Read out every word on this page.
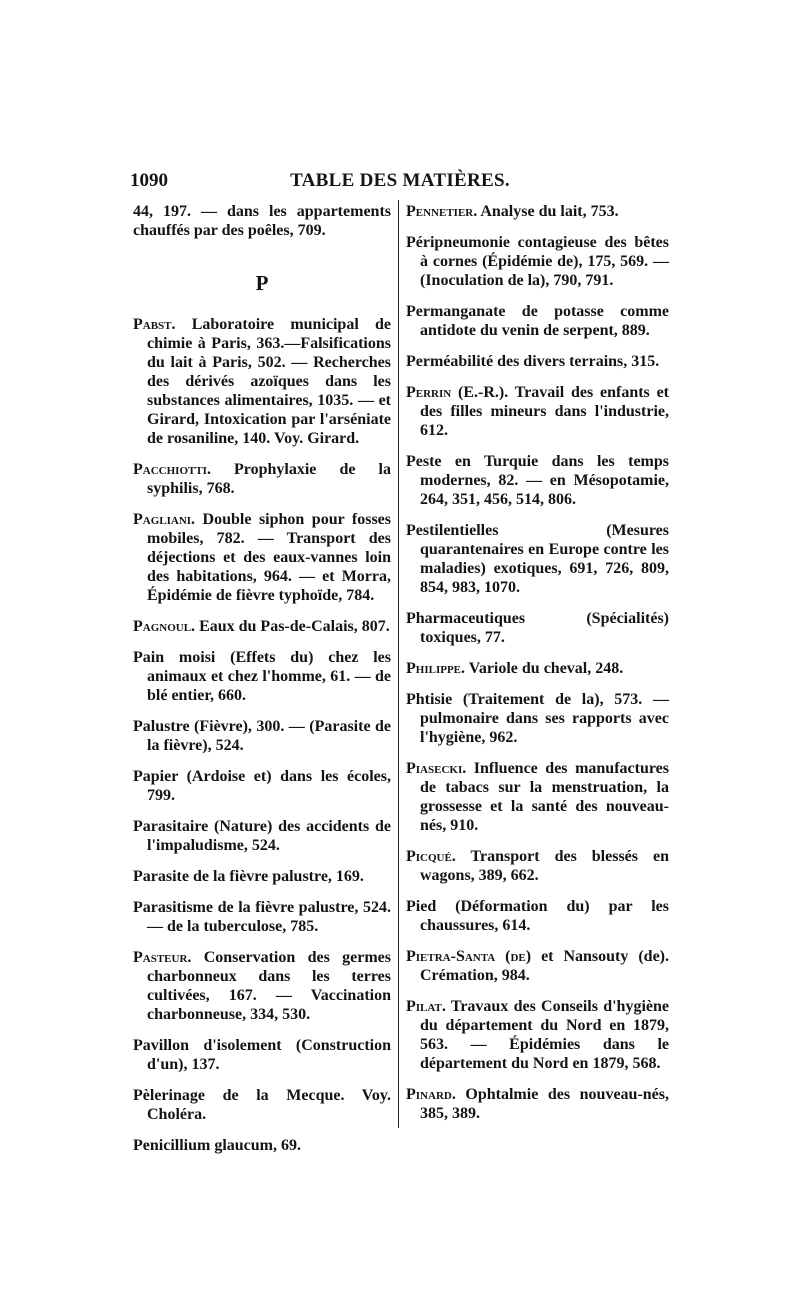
1090	TABLE DES MATIÈRES.
44, 197. — dans les appartements chauffés par des poêles, 709.
P
Pabst. Laboratoire municipal de chimie à Paris, 363.—Falsifications du lait à Paris, 502. — Recherches des dérivés azoïques dans les substances alimentaires, 1035. — et Girard, Intoxication par l'arséniate de rosaniline, 140. Voy. Girard.
Pacchiotti. Prophylaxie de la syphilis, 768.
Pagliani. Double siphon pour fosses mobiles, 782. — Transport des déjections et des eaux-vannes loin des habitations, 964. — et Morra, Épidémie de fièvre typhoïde, 784.
Pagnoul. Eaux du Pas-de-Calais, 807.
Pain moisi (Effets du) chez les animaux et chez l'homme, 61. — de blé entier, 660.
Palustre (Fièvre), 300. — (Parasite de la fièvre), 524.
Papier (Ardoise et) dans les écoles, 799.
Parasitaire (Nature) des accidents de l'impaludisme, 524.
Parasite de la fièvre palustre, 169.
Parasitisme de la fièvre palustre, 524. — de la tuberculose, 785.
Pasteur. Conservation des germes charbonneux dans les terres cultivées, 167. — Vaccination charbonneuse, 334, 530.
Pavillon d'isolement (Construction d'un), 137.
Pèlerinage de la Mecque. Voy. Choléra.
Penicillium glaucum, 69.
Pennetier. Analyse du lait, 753.
Péripneumonie contagieuse des bêtes à cornes (Épidémie de), 175, 569. — (Inoculation de la), 790, 791.
Permanganate de potasse comme antidote du venin de serpent, 889.
Perméabilité des divers terrains, 315.
Perrin (E.-R.). Travail des enfants et des filles mineurs dans l'industrie, 612.
Peste en Turquie dans les temps modernes, 82. — en Mésopotamie, 264, 351, 456, 514, 806.
Pestilentielles (Mesures quarantenaires en Europe contre les maladies) exotiques, 691, 726, 809, 854, 983, 1070.
Pharmaceutiques (Spécialités) toxiques, 77.
Philippe. Variole du cheval, 248.
Phtisie (Traitement de la), 573. — pulmonaire dans ses rapports avec l'hygiène, 962.
Piasecki. Influence des manufactures de tabacs sur la menstruation, la grossesse et la santé des nouveau-nés, 910.
Picqué. Transport des blessés en wagons, 389, 662.
Pied (Déformation du) par les chaussures, 614.
Pietra-Santa (de) et Nansouty (de). Crémation, 984.
Pilat. Travaux des Conseils d'hygiène du département du Nord en 1879, 563. — Épidémies dans le département du Nord en 1879, 568.
Pinard. Ophtalmie des nouveau-nés, 385, 389.
